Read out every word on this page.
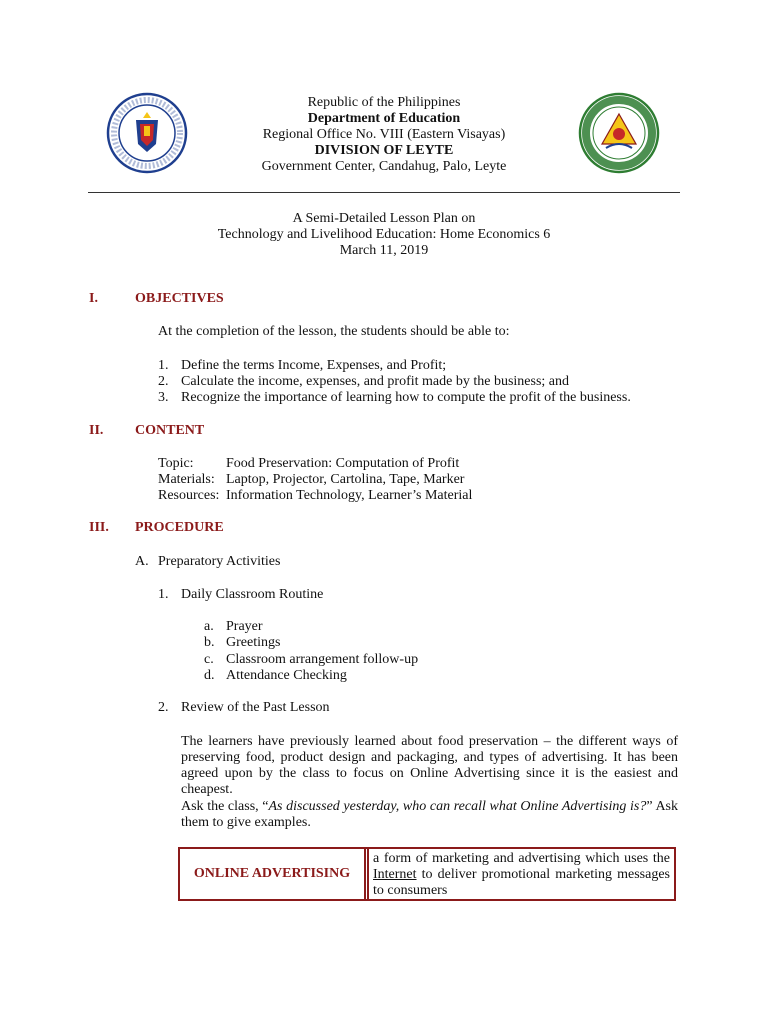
Republic of the Philippines
Department of Education
Regional Office No. VIII (Eastern Visayas)
DIVISION OF LEYTE
Government Center, Candahug, Palo, Leyte
A Semi-Detailed Lesson Plan on
Technology and Livelihood Education: Home Economics 6
March 11, 2019
I.	OBJECTIVES
At the completion of the lesson, the students should be able to:
1. Define the terms Income, Expenses, and Profit;
2. Calculate the income, expenses, and profit made by the business; and
3. Recognize the importance of learning how to compute the profit of the business.
II. CONTENT
Topic: Food Preservation: Computation of Profit
Materials: Laptop, Projector, Cartolina, Tape, Marker
Resources: Information Technology, Learner’s Material
III. PROCEDURE
A. Preparatory Activities
1. Daily Classroom Routine
a. Prayer
b. Greetings
c. Classroom arrangement follow-up
d. Attendance Checking
2. Review of the Past Lesson
The learners have previously learned about food preservation – the different ways of preserving food, product design and packaging, and types of advertising. It has been agreed upon by the class to focus on Online Advertising since it is the easiest and cheapest.
Ask the class, “As discussed yesterday, who can recall what Online Advertising is?” Ask them to give examples.
ONLINE ADVERTISING
a form of marketing and advertising which uses the Internet to deliver promotional marketing messages to consumers
